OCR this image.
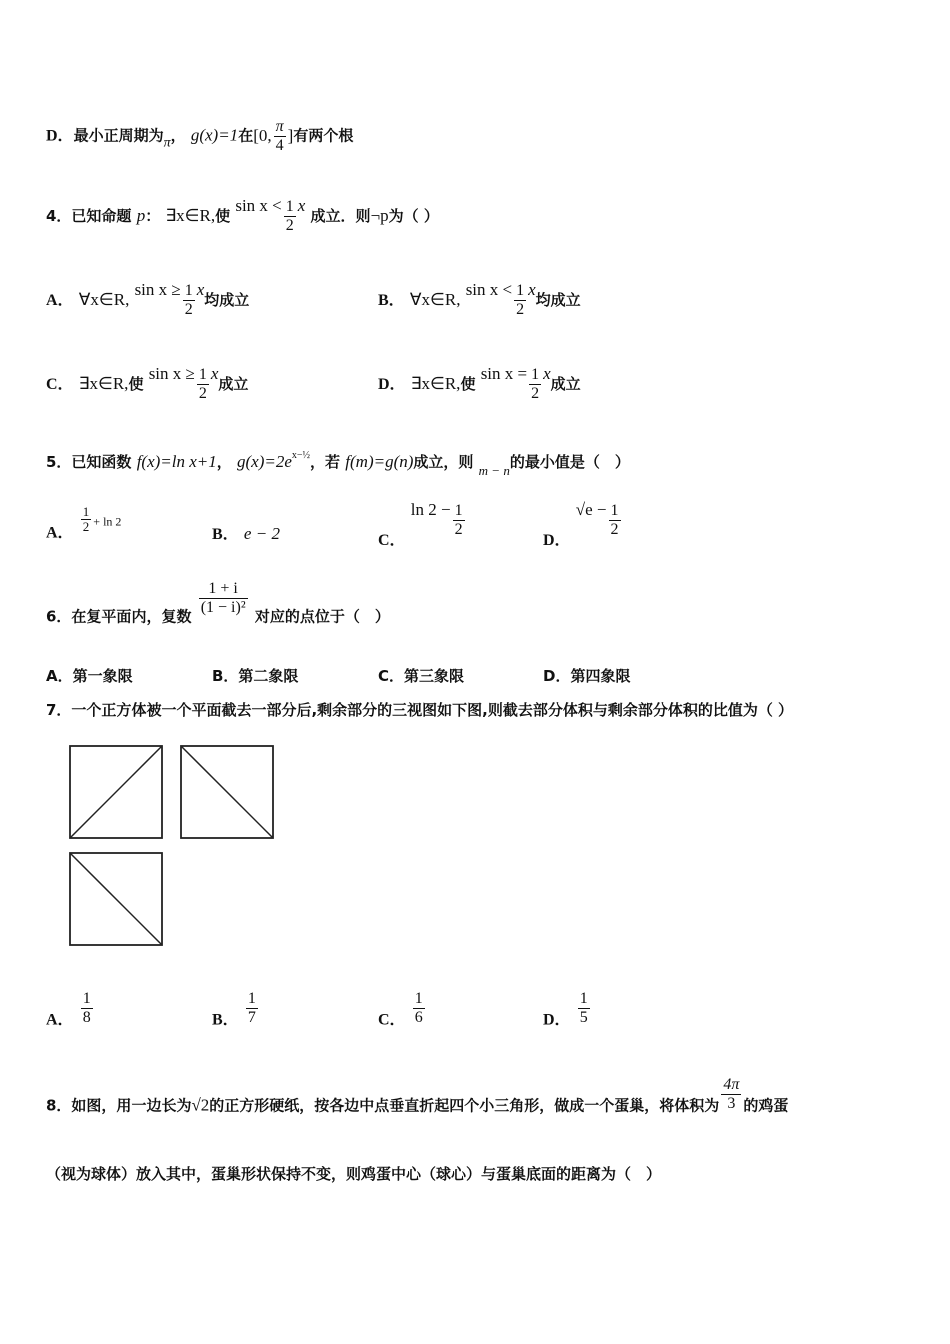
D．最小正周期为π， g(x)=1在[0, $\frac{\pi}{4}$ ]有两个根
4．已知命题 p： ∃x∈R,使 $\sin x < \frac{1}{2}$ x 成立．则¬p为（ ）
A． ∀x∈R, $\sin x \ge \frac{1}{2}$ x均成立	B． ∀x∈R, $\sin x < \frac{1}{2}$ x均成立
C． ∃x∈R,使 $\sin x \ge \frac{1}{2}$ x成立	D． ∃x∈R,使 $\sin x = \frac{1}{2}$ x成立
5．已知函数 f(x)=ln x+1， $g(x)=2e^{x-\frac{1}{2}}$，若 f(m)=g(n)成立，则 m − n的最小值是（　）
A． $\frac{1}{2} ^{+ ln 2}$
B． e − 2	C． $\ln 2 - \frac{1}{2}$
D． $√e - \frac{1}{2}$
6．在复平面内，复数
$\frac{1 + i}{\text{(1 − i)²}}$
对应的点位于（　）
A．第一象限	B．第二象限	C．第三象限	D．第四象限
7．一个正方体被一个平面截去一部分后,剩余部分的三视图如下图,则截去部分体积与剩余部分体积的比值为（ ）
A． $\frac{1}{8}$	B． $\frac{1}{7}$	C． $\frac{1}{6}$	D． $\frac{1}{5}$
8．如图，用一边长为√2的正方形硬纸，按各边中点垂直折起四个小三角形，做成一个蛋巢，将体积为 $\frac{4\pi}{3}$ 的鸡蛋
（视为球体）放入其中，蛋巢形状保持不变，则鸡蛋中心（球心）与蛋巢底面的距离为（　）
